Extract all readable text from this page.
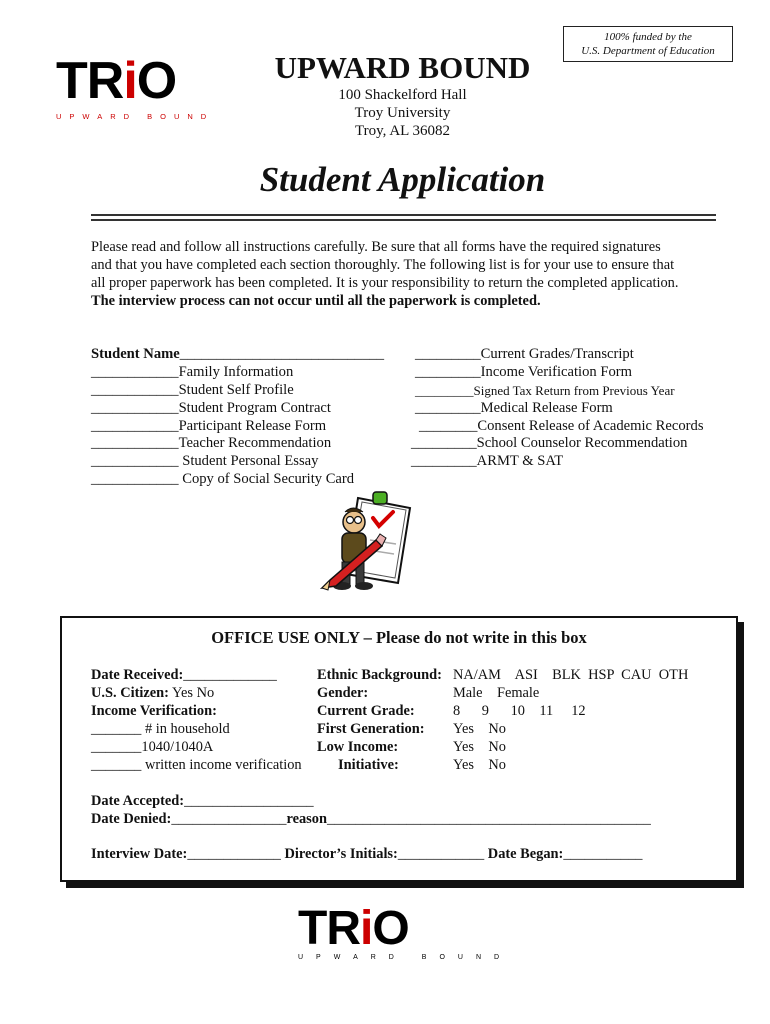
100% funded by the
U.S. Department of Education
TRiO
UPWARD BOUND
UPWARD BOUND
100 Shackelford Hall
Troy University
Troy, AL 36082
Student Application
Please read and follow all instructions carefully. Be sure that all forms have the required signatures
and that you have completed each section thoroughly. The following list is for your use to ensure that
all proper paperwork has been completed. It is your responsibility to return the completed application.
The interview process can not occur until all the paperwork is completed.
Student Name____________________________
____________Family Information
____________Student Self Profile
____________Student Program Contract
____________Participant Release Form
____________Teacher Recommendation
____________ Student Personal Essay
____________ Copy of Social Security Card
_________Current Grades/Transcript
_________Income Verification Form
_________Signed Tax Return from Previous Year
_________Medical Release Form
________Consent Release of Academic Records
_________School Counselor Recommendation
_________ARMT & SAT
OFFICE USE ONLY – Please do not write in this box
Date Received:_____________
U.S. Citizen: Yes No
Income Verification:
_______ # in household
_______1040/1040A
_______ written income verification
Ethnic Background:
Gender:
Current Grade:
First Generation:
Low Income:
Initiative:
NA/AM    ASI    BLK  HSP  CAU  OTH
Male    Female
8      9      10    11     12
Yes    No
Yes    No
Yes    No
Date Accepted:__________________
Date Denied:________________reason_____________________________________________
Interview Date:_____________ Director’s Initials:____________ Date Began:___________
TRiO
UPWARD BOUND
